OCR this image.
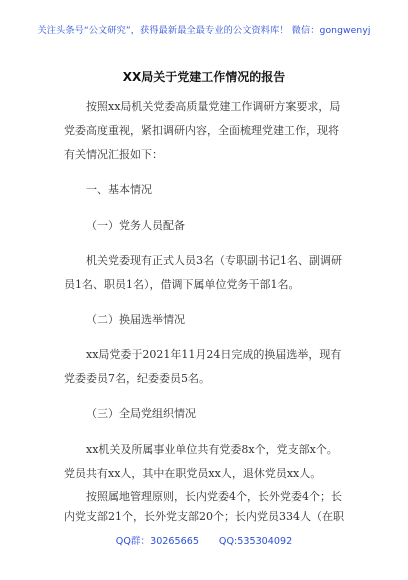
关注头条号“公文研究”，获得最新最全最专业的公文资料库！ 微信：gongwenyj
XX局关于党建工作情况的报告
按照xx局机关党委高质量党建工作调研方案要求，局
党委高度重视，紧扣调研内容，全面梳理党建工作，现将
有关情况汇报如下：
一、基本情况
（一）党务人员配备
机关党委现有正式人员3名（专职副书记1名、副调研
员1名、职员1名），借调下属单位党务干部1名。
（二）换届选举情况
xx局党委于2021年11月24日完成的换届选举，现有
党委委员7名，纪委委员5名。
（三）全局党组织情况
xx机关及所属事业单位共有党委8x个，党支部x个。
党员共有xx人，其中在职党员xx人，退休党员xx人。
按照属地管理原则，长内党委4个，长外党委4个；长
内党支部21个，长外党支部20个；长内党员334人（在职
QQ群：30265665 QQ:535304092
